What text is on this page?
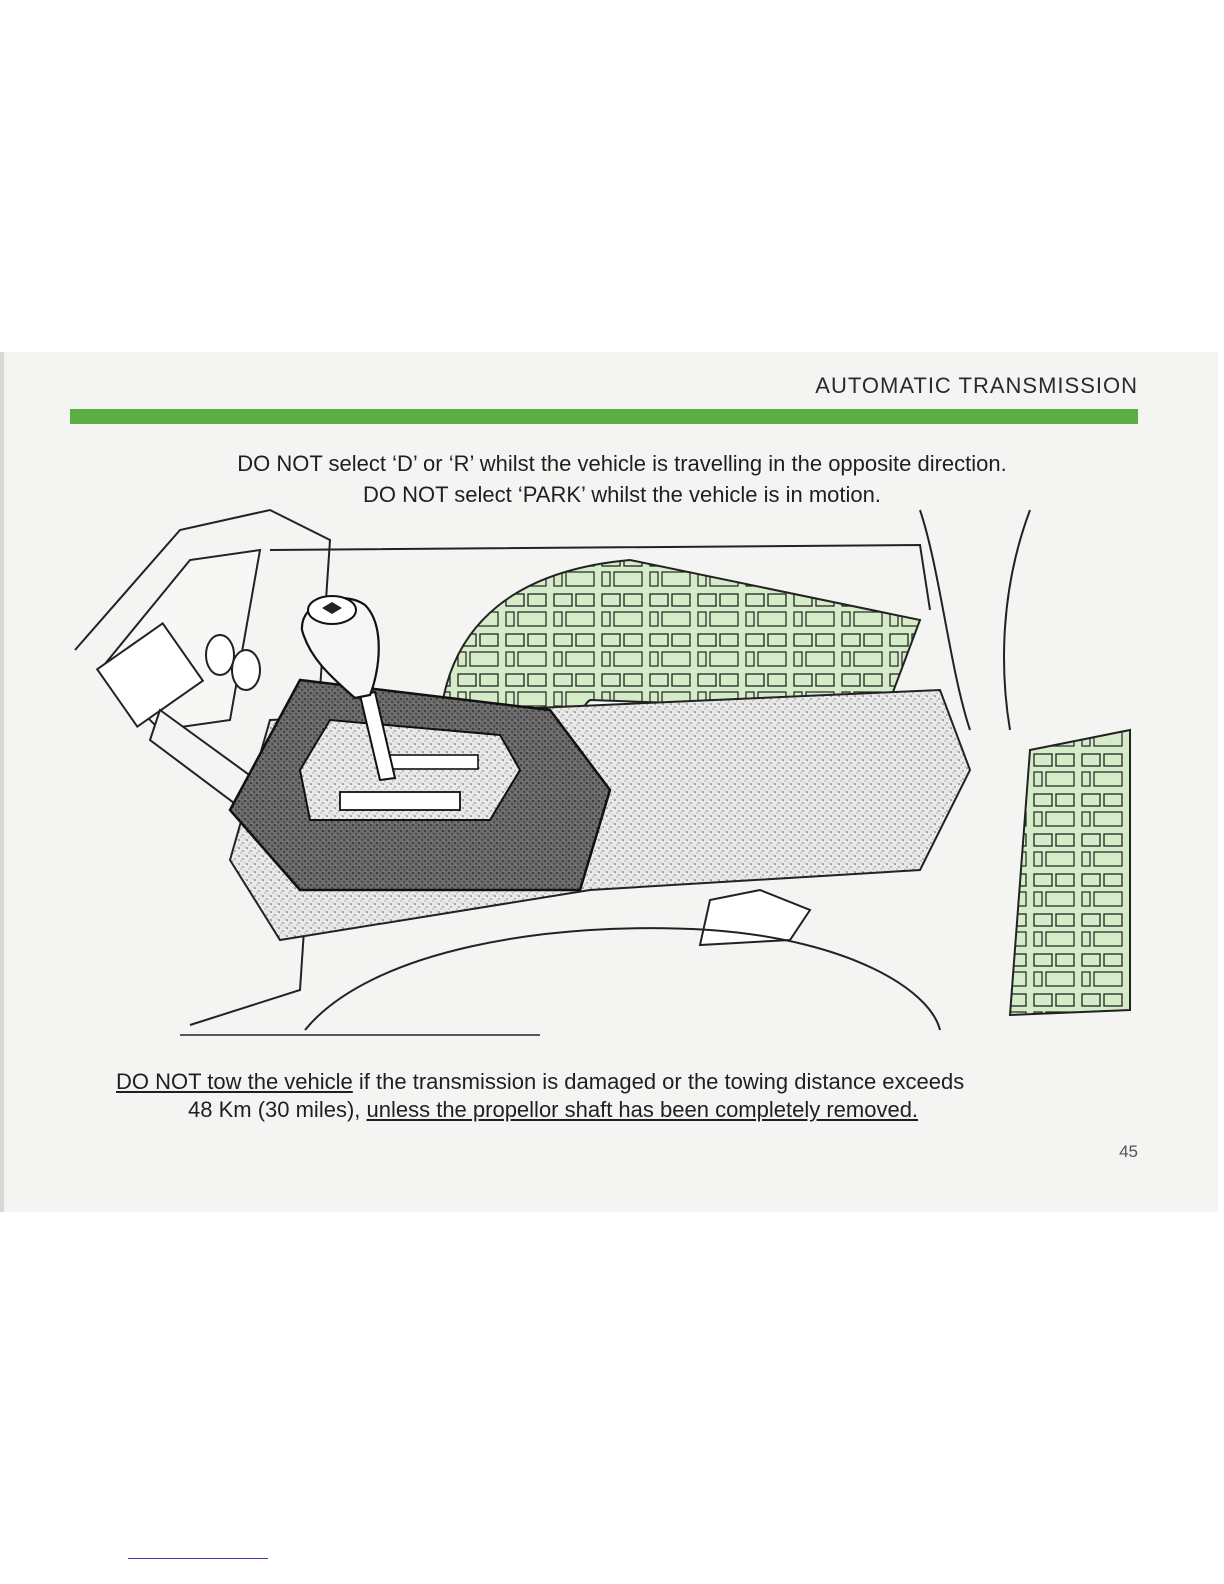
AUTOMATIC TRANSMISSION
DO NOT select ‘D’ or ‘R’ whilst the vehicle is travelling in the opposite direction.
DO NOT select ‘PARK’ whilst the vehicle is in motion.
DO NOT tow the vehicle if the transmission is damaged or the towing distance exceeds
48 Km (30 miles), unless the propellor shaft has been completely removed.
45
